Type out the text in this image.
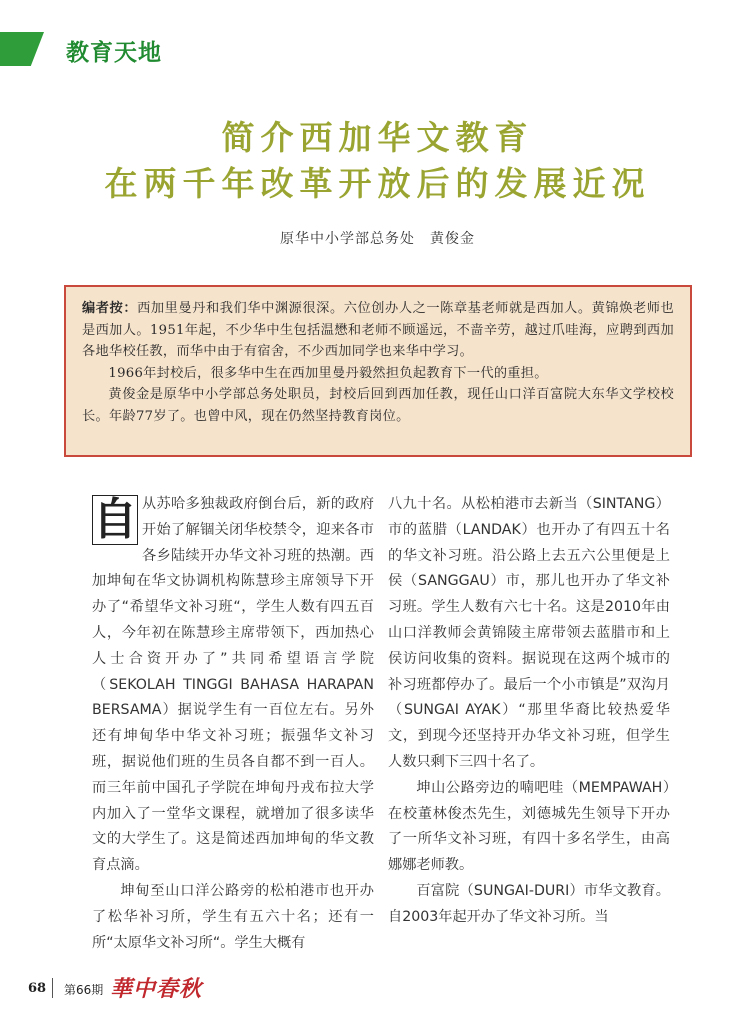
教育天地
简介西加华文教育
在两千年改革开放后的发展近况
原华中小学部总务处　黄俊金

编者按：西加里曼丹和我们华中渊源很深。六位创办人之一陈章基老师就是西加人。黄锦焕老师也是西加人。1951年起，不少华中生包括温懋和老师不顾遥远，不啬辛劳，越过爪哇海，应聘到西加各地华校任教，而华中由于有宿舍，不少西加同学也来华中学习。

1966年封校后，很多华中生在西加里曼丹毅然担负起教育下一代的重担。

黄俊金是原华中小学部总务处职员，封校后回到西加任教，现任山口洋百富院大东华文学校校长。年龄77岁了。也曾中风，现在仍然坚持教育岗位。

自 从苏哈多独裁政府倒台后，新的政府开始了解锢关闭华校禁令，迎来各市各乡陆续开办华文补习班的热潮。西加坤甸在华文协调机构陈慧珍主席领导下开办了“希望华文补习班“，学生人数有四五百人，今年初在陈慧珍主席带领下，西加热心人士合资开办了”共同希望语言学院（SEKOLAH TINGGI BAHASA HARAPAN BERSAMA）据说学生有一百位左右。另外还有坤甸华中华文补习班；振强华文补习班，据说他们班的生员各自都不到一百人。而三年前中国孔子学院在坤甸丹戎布拉大学内加入了一堂华文课程，就增加了很多读华文的大学生了。这是简述西加坤甸的华文教育点滴。

坤甸至山口洋公路旁的松柏港市也开办了松华补习所，学生有五六十名；还有一所“太原华文补习所“。学生大概有

八九十名。从松柏港市去新当（SINTANG）市的蓝腊（LANDAK）也开办了有四五十名的华文补习班。沿公路上去五六公里便是上侯（SANGGAU）市，那儿也开办了华文补习班。学生人数有六七十名。这是2010年由山口洋教师会黄锦陵主席带领去蓝腊市和上侯访问收集的资料。据说现在这两个城市的补习班都停办了。最后一个小市镇是”双沟月（SUNGAI AYAK）“那里华裔比较热爱华文，到现今还坚持开办华文补习班，但学生人数只剩下三四十名了。

坤山公路旁边的喃吧哇（MEMPAWAH）在校董林俊杰先生，刘德城先生领导下开办了一所华文补习班，有四十多名学生，由高娜娜老师教。

百富院（SUNGAI-DURI）市华文教育。自2003年起开办了华文补习所。当

68 第66期 華中春秋
